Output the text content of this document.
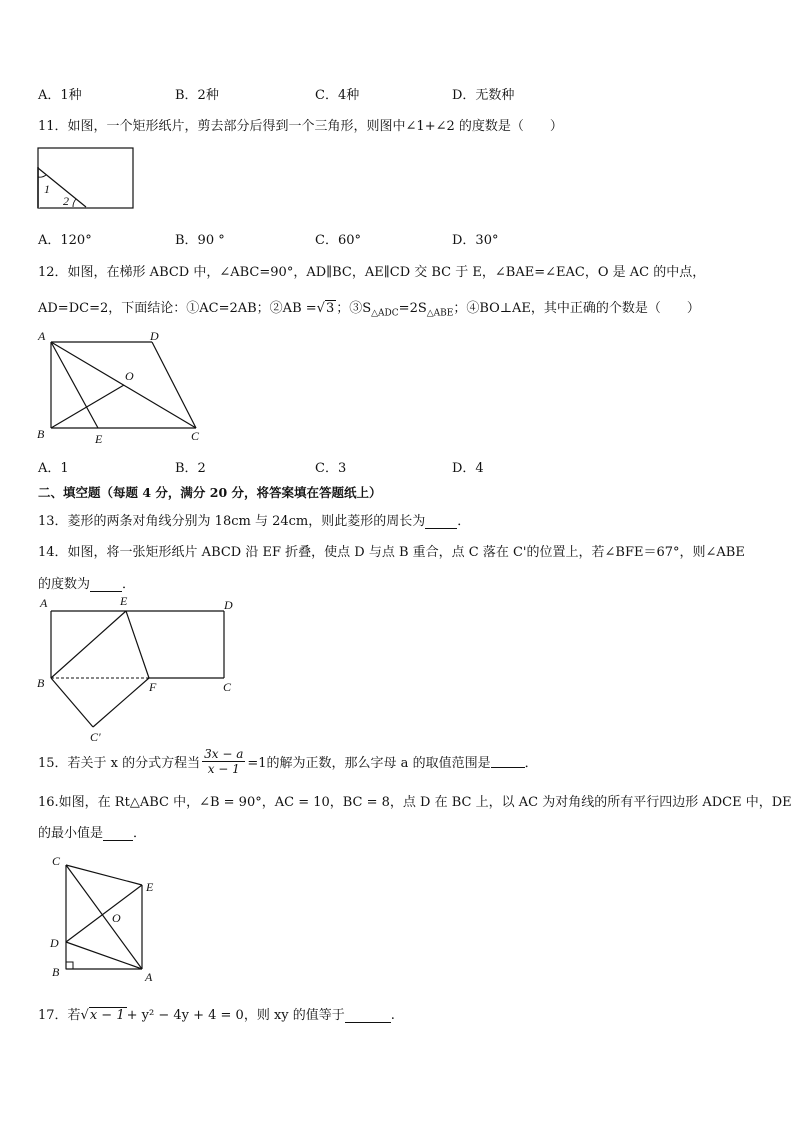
A．1种	B．2种	C．4种	D．无数种
11．如图，一个矩形纸片，剪去部分后得到一个三角形，则图中∠1+∠2 的度数是（　　）
1
2
A．120°	B．90 °	C．60°	D．30°
12．如图，在梯形 ABCD 中，∠ABC=90°，AD∥BC，AE∥CD 交 BC 于 E，∠BAE=∠EAC，O 是 AC 的中点，
AD=DC=2，下面结论：①AC=2AB；②AB =√3 ；$③S_{\triangle ADC}=2S_{\triangle ABE}$；④BO⊥AE，其中正确的个数是（　　）
A	D
O
B	E	C
A．1	B．2	C．3	D．4
二、填空题（每题 4 分，满分 20 分，将答案填在答题纸上）
13．菱形的两条对角线分别为 18cm 与 24cm，则此菱形的周长为 ．
14．如图，将一张矩形纸片 ABCD 沿 EF 折叠，使点 D 与点 B 重合，点 C 落在 C'的位置上，若∠BFE＝67°，则∠ABE
的度数为 ．
A	E	D
B	F	C
C'
15．若关于 x 的分式方程当 $\frac{3x - a}{x - 1} =1$的解为正数，那么字母 a 的取值范围是	．
16.如图，在 Rt△ABC 中，∠B = 90°，AC = 10，BC = 8，点 D 在 BC 上，以 AC 为对角线的所有平行四边形 ADCE 中，DE
的最小值是 ．
C
E
O
D
B	A
17．若√x − 1 + y² − 4y + 4 = 0，则 xy 的值等于	.
